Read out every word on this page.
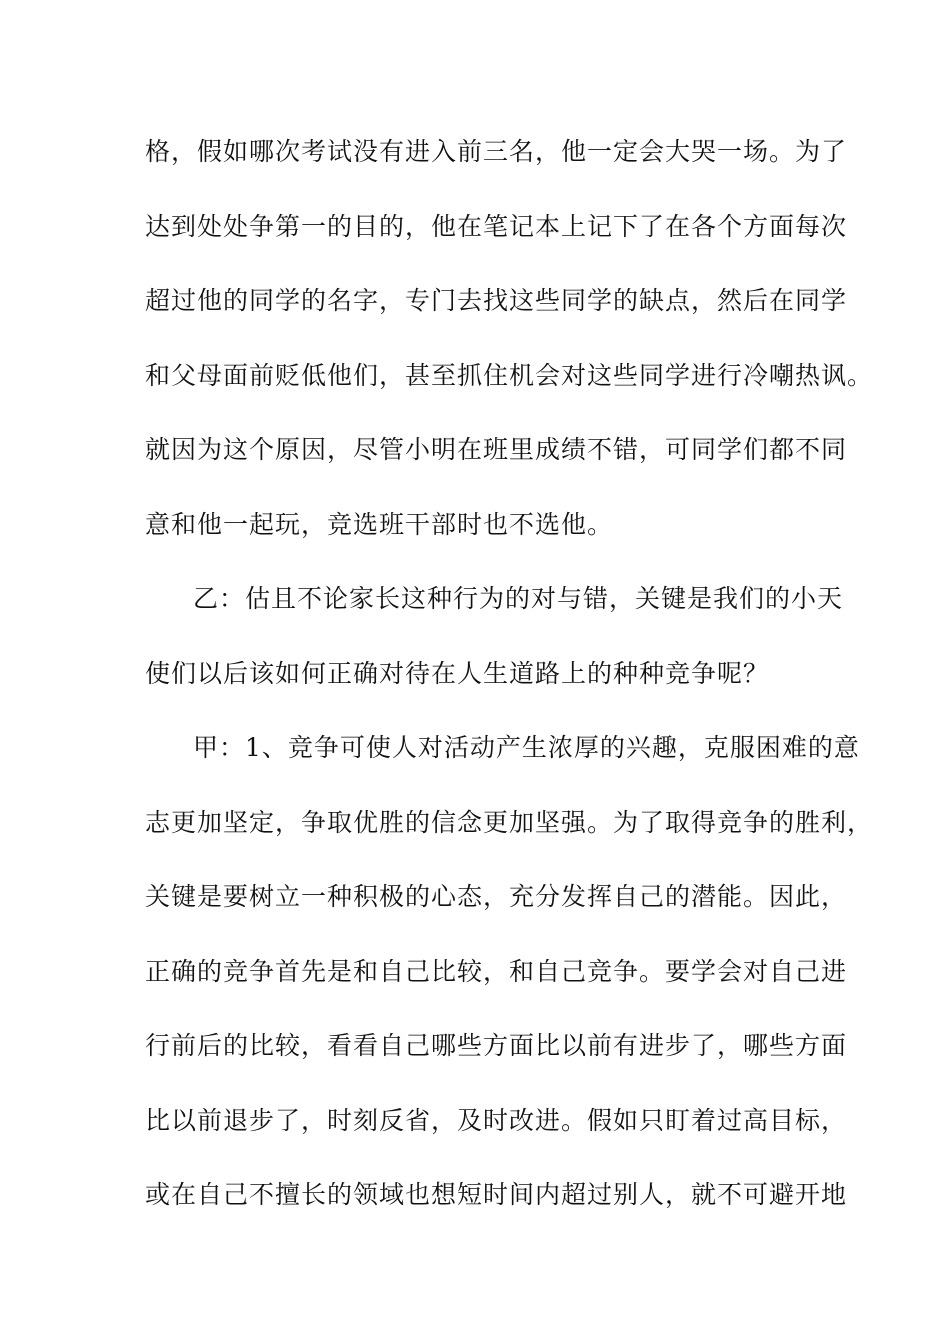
格，假如哪次考试没有进入前三名，他一定会大哭一场。为了
达到处处争第一的目的，他在笔记本上记下了在各个方面每次
超过他的同学的名字，专门去找这些同学的缺点，然后在同学
和父母面前贬低他们，甚至抓住机会对这些同学进行冷嘲热讽。
就因为这个原因，尽管小明在班里成绩不错，可同学们都不同
意和他一起玩，竞选班干部时也不选他。
乙：估且不论家长这种行为的对与错，关键是我们的小天
使们以后该如何正确对待在人生道路上的种种竞争呢？
甲：1、竞争可使人对活动产生浓厚的兴趣，克服困难的意
志更加坚定，争取优胜的信念更加坚强。为了取得竞争的胜利，
关键是要树立一种积极的心态，充分发挥自己的潜能。因此，
正确的竞争首先是和自己比较，和自己竞争。要学会对自己进
行前后的比较，看看自己哪些方面比以前有进步了，哪些方面
比以前退步了，时刻反省，及时改进。假如只盯着过高目标，
或在自己不擅长的领域也想短时间内超过别人，就不可避开地
